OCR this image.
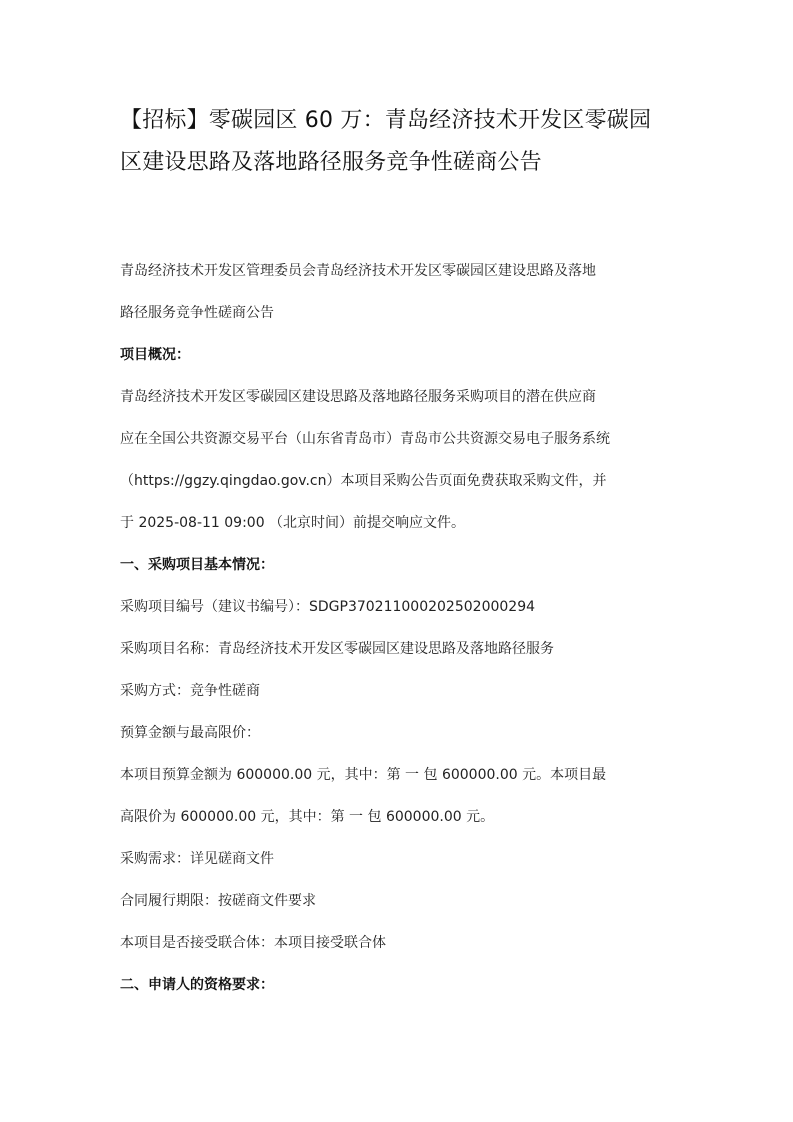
【招标】零碳园区 60 万：青岛经济技术开发区零碳园
区建设思路及落地路径服务竞争性磋商公告

青岛经济技术开发区管理委员会青岛经济技术开发区零碳园区建设思路及落地
路径服务竞争性磋商公告

项目概况：

青岛经济技术开发区零碳园区建设思路及落地路径服务采购项目的潜在供应商
应在全国公共资源交易平台（山东省青岛市）青岛市公共资源交易电子服务系统
（https://ggzy.qingdao.gov.cn）本项目采购公告页面免费获取采购文件，并
于 2025-08-11 09:00 （北京时间）前提交响应文件。

一、采购项目基本情况：

采购项目编号（建议书编号）：SDGP370211000202502000294

采购项目名称：青岛经济技术开发区零碳园区建设思路及落地路径服务

采购方式：竞争性磋商

预算金额与最高限价：

本项目预算金额为 600000.00 元，其中：第 一 包 600000.00 元。本项目最
高限价为 600000.00 元，其中：第 一 包 600000.00 元。

采购需求：详见磋商文件

合同履行期限：按磋商文件要求

本项目是否接受联合体：本项目接受联合体

二、申请人的资格要求：
